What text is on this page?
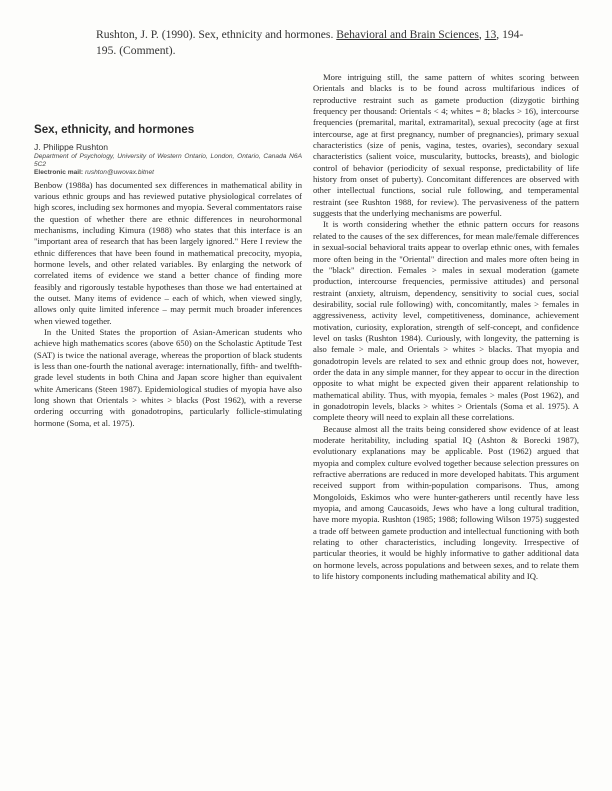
Rushton, J. P. (1990). Sex, ethnicity and hormones. Behavioral and Brain Sciences, 13, 194-195. (Comment).
Sex, ethnicity, and hormones

J. Philippe Rushton

Department of Psychology, University of Western Ontario, London, Ontario, Canada N6A 5C2

Electronic mail: rushton@uwovax.bitnet

Benbow (1988a) has documented sex differences in mathematical ability in various ethnic groups and has reviewed putative physiological correlates of high scores, including sex hormones and myopia. Several commentators raise the question of whether there are ethnic differences in neurohormonal mechanisms, including Kimura (1988) who states that this interface is an "important area of research that has been largely ignored." Here I review the ethnic differences that have been found in mathematical precocity, myopia, hormone levels, and other related variables. By enlarging the network of correlated items of evidence we stand a better chance of finding more feasibly and rigorously testable hypotheses than those we had entertained at the outset. Many items of evidence – each of which, when viewed singly, allows only quite limited inference – may permit much broader inferences when viewed together.

In the United States the proportion of Asian-American students who achieve high mathematics scores (above 650) on the Scholastic Aptitude Test (SAT) is twice the national average, whereas the proportion of black students is less than one-fourth the national average: internationally, fifth- and twelfth-grade level students in both China and Japan score higher than equivalent white Americans (Steen 1987). Epidemiological studies of myopia have also long shown that Orientals > whites > blacks (Post 1962), with a reverse ordering occurring with gonadotropins, particularly follicle-stimulating hormone (Soma, et al. 1975).

More intriguing still, the same pattern of whites scoring between Orientals and blacks is to be found across multifarious indices of reproductive restraint such as gamete production (dizygotic birthing frequency per thousand: Orientals < 4; whites = 8; blacks > 16), intercourse frequencies (premarital, marital, extramarital), sexual precocity (age at first intercourse, age at first pregnancy, number of pregnancies), primary sexual characteristics (size of penis, vagina, testes, ovaries), secondary sexual characteristics (salient voice, muscularity, buttocks, breasts), and biologic control of behavior (periodicity of sexual response, predictability of life history from onset of puberty). Concomitant differences are observed with other intellectual functions, social rule following, and temperamental restraint (see Rushton 1988, for review). The pervasiveness of the pattern suggests that the underlying mechanisms are powerful.

It is worth considering whether the ethnic pattern occurs for reasons related to the causes of the sex differences, for mean male/female differences in sexual-social behavioral traits appear to overlap ethnic ones, with females more often being in the "Oriental" direction and males more often being in the "black" direction. Females > males in sexual moderation (gamete production, intercourse frequencies, permissive attitudes) and personal restraint (anxiety, altruism, dependency, sensitivity to social cues, social desirability, social rule following) with, concomitantly, males > females in aggressiveness, activity level, competitiveness, dominance, achievement motivation, curiosity, exploration, strength of self-concept, and confidence level on tasks (Rushton 1984). Curiously, with longevity, the patterning is also female > male, and Orientals > whites > blacks. That myopia and gonadotropin levels are related to sex and ethnic group does not, however, order the data in any simple manner, for they appear to occur in the direction opposite to what might be expected given their apparent relationship to mathematical ability. Thus, with myopia, females > males (Post 1962), and in gonadotropin levels, blacks > whites > Orientals (Soma et al. 1975). A complete theory will need to explain all these correlations.

Because almost all the traits being considered show evidence of at least moderate heritability, including spatial IQ (Ashton & Borecki 1987), evolutionary explanations may be applicable. Post (1962) argued that myopia and complex culture evolved together because selection pressures on refractive aberrations are reduced in more developed habitats. This argument received support from within-population comparisons. Thus, among Mongoloids, Eskimos who were hunter-gatherers until recently have less myopia, and among Caucasoids, Jews who have a long cultural tradition, have more myopia. Rushton (1985; 1988; following Wilson 1975) suggested a trade off between gamete production and intellectual functioning with both relating to other characteristics, including longevity. Irrespective of particular theories, it would be highly informative to gather additional data on hormone levels, across populations and between sexes, and to relate them to life history components including mathematical ability and IQ.
